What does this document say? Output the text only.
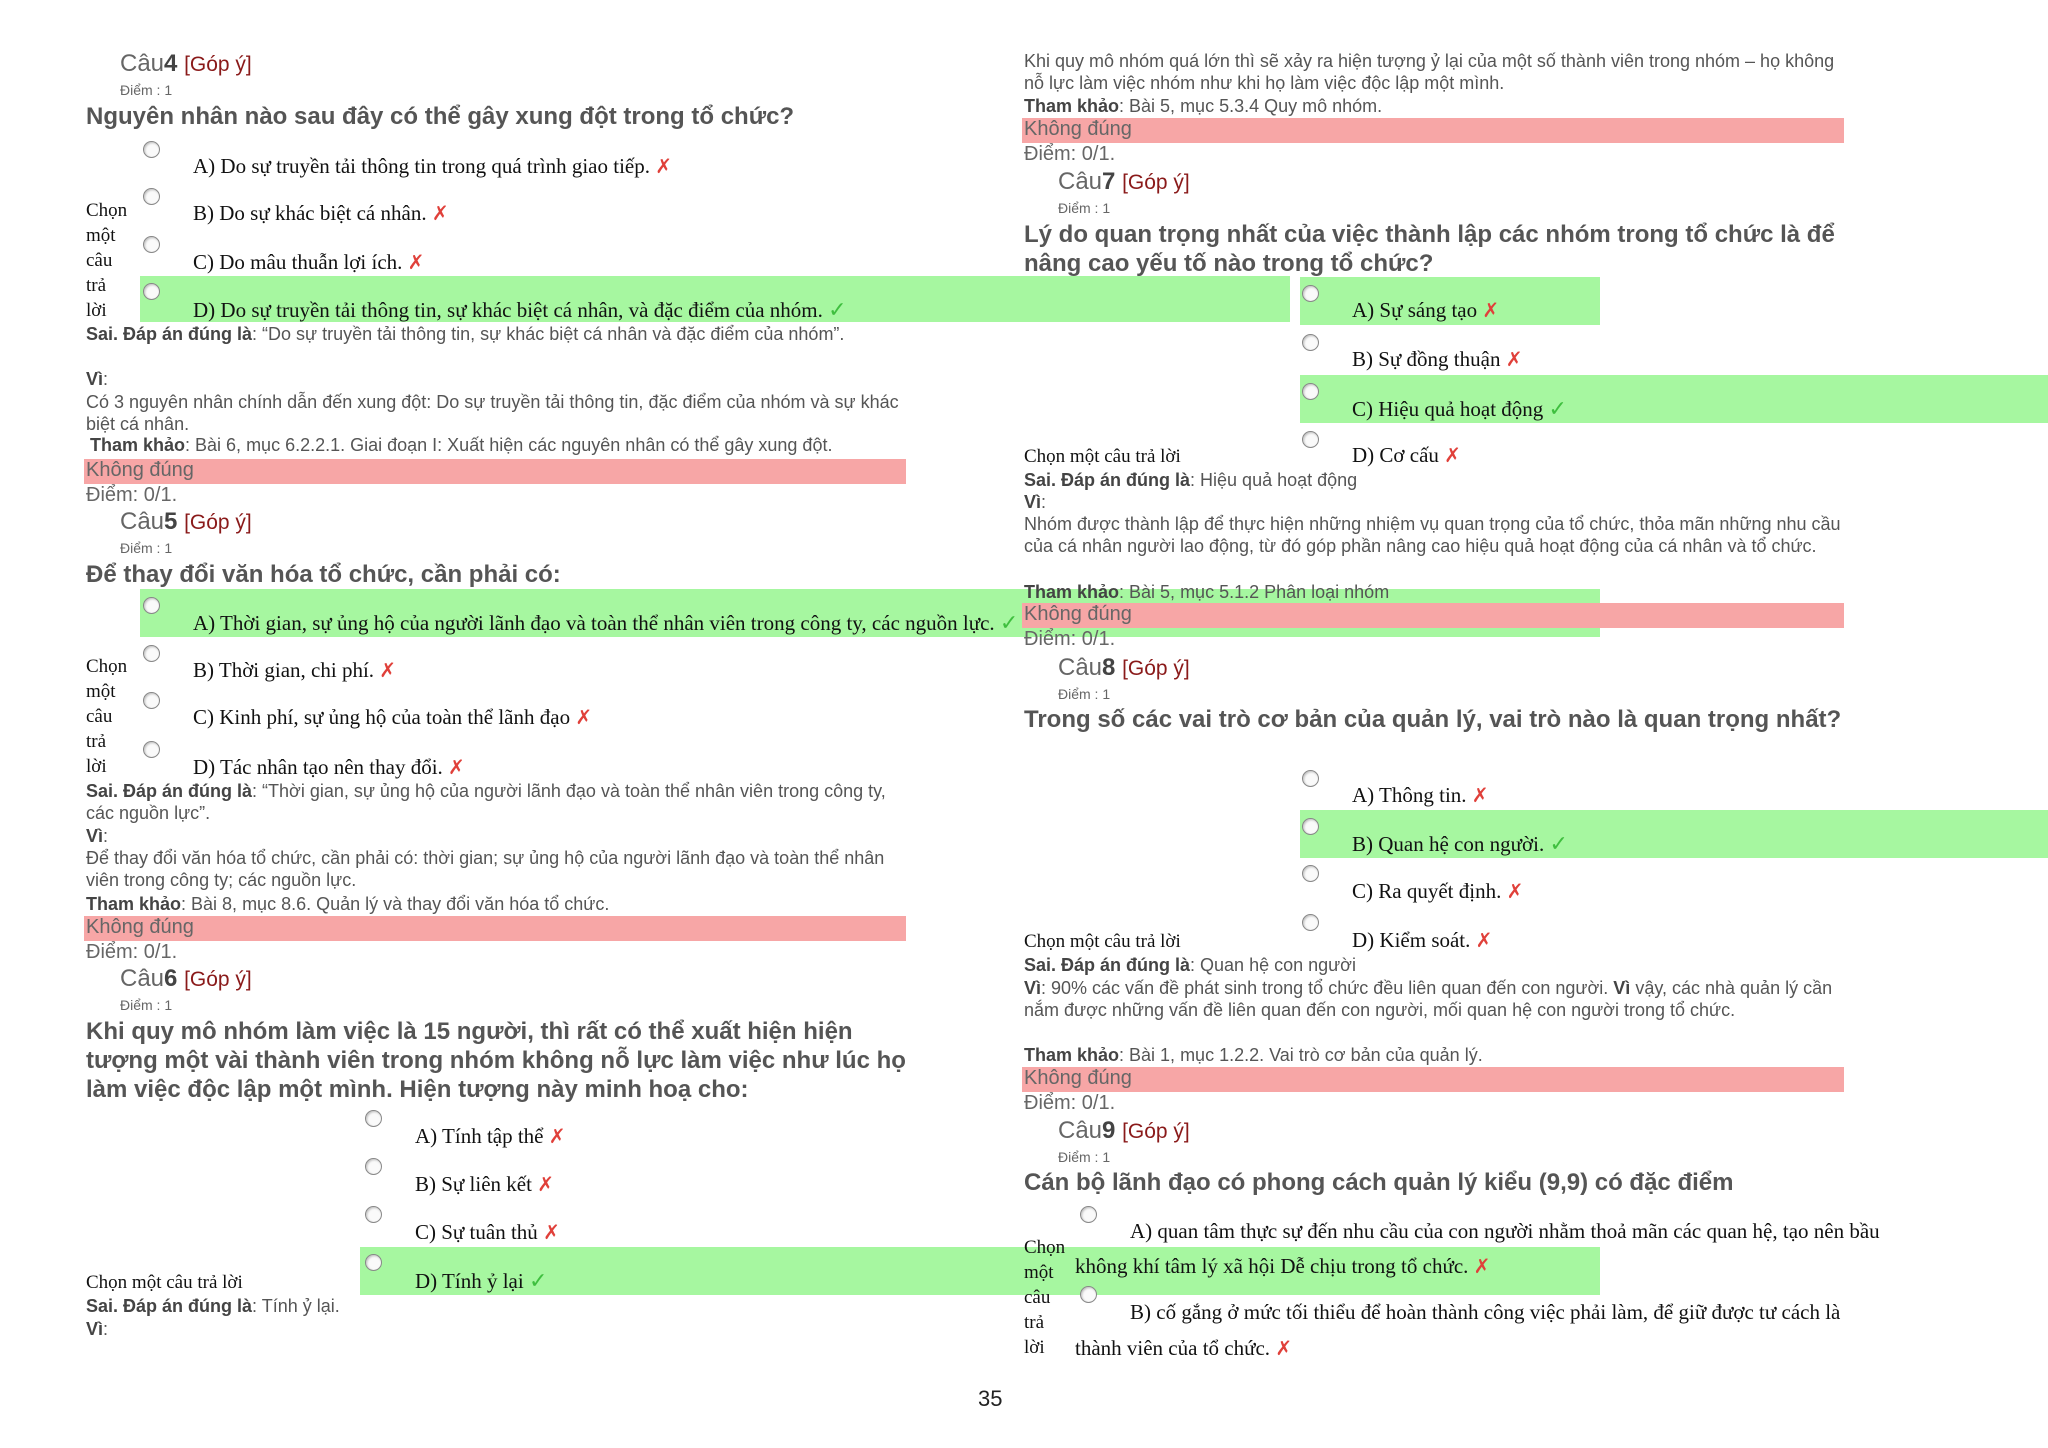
Câu4 [Góp ý]
Điểm : 1
Nguyên nhân nào sau đây có thể gây xung đột trong tổ chức?
A) Do sự truyền tải thông tin trong quá trình giao tiếp. ✗
B) Do sự khác biệt cá nhân. ✗
C) Do mâu thuẫn lợi ích. ✗
D) Do sự truyền tải thông tin, sự khác biệt cá nhân, và đặc điểm của nhóm. ✓
Chọn
một
câu
trả
lời
Sai. Đáp án đúng là: “Do sự truyền tải thông tin, sự khác biệt cá nhân và đặc điểm của nhóm”.
Vì:
Có 3 nguyên nhân chính dẫn đến xung đột: Do sự truyền tải thông tin, đặc điểm của nhóm và sự khác biệt cá nhân.
Tham khảo: Bài 6, mục 6.2.2.1. Giai đoạn I: Xuất hiện các nguyên nhân có thể gây xung đột.
Không đúng
Điểm: 0/1.
Câu5 [Góp ý]
Điểm : 1
Để thay đổi văn hóa tổ chức, cần phải có:
A) Thời gian, sự ủng hộ của người lãnh đạo và toàn thể nhân viên trong công ty, các nguồn lực. ✓
B) Thời gian, chi phí. ✗
C) Kinh phí, sự ủng hộ của toàn thể lãnh đạo ✗
D) Tác nhân tạo nên thay đổi. ✗
Chọn
một
câu
trả
lời
Sai. Đáp án đúng là: “Thời gian, sự ủng hộ của người lãnh đạo và toàn thể nhân viên trong công ty, các nguồn lực”.
Vì:
Để thay đổi văn hóa tổ chức, cần phải có: thời gian; sự ủng hộ của người lãnh đạo và toàn thể nhân viên trong công ty; các nguồn lực.
Tham khảo: Bài 8, mục 8.6. Quản lý và thay đổi văn hóa tổ chức.
Không đúng
Điểm: 0/1.
Câu6 [Góp ý]
Điểm : 1
Khi quy mô nhóm làm việc là 15 người, thì rất có thể xuất hiện hiện tượng một vài thành viên trong nhóm không nỗ lực làm việc như lúc họ làm việc độc lập một mình. Hiện tượng này minh hoạ cho:
A) Tính tập thể ✗
B) Sự liên kết ✗
C) Sự tuân thủ ✗
D) Tính ỷ lại ✓
Chọn một câu trả lời
Sai. Đáp án đúng là: Tính ỷ lại.
Vì:
Khi quy mô nhóm quá lớn thì sẽ xảy ra hiện tượng ỷ lại của một số thành viên trong nhóm – họ không nỗ lực làm việc nhóm như khi họ làm việc độc lập một mình.
Tham khảo: Bài 5, mục 5.3.4 Quy mô nhóm.
Không đúng
Điểm: 0/1.
Câu7 [Góp ý]
Điểm : 1
Lý do quan trọng nhất của việc thành lập các nhóm trong tổ chức là để nâng cao yếu tố nào trong tổ chức?
A) Sự sáng tạo ✗
B) Sự đồng thuận ✗
C) Hiệu quả hoạt động ✓
D) Cơ cấu ✗
Chọn một câu trả lời
Sai. Đáp án đúng là: Hiệu quả hoạt động
Vì:
Nhóm được thành lập để thực hiện những nhiệm vụ quan trọng của tổ chức, thỏa mãn những nhu cầu của cá nhân người lao động, từ đó góp phần nâng cao hiệu quả hoạt động của cá nhân và tổ chức.
Tham khảo: Bài 5, mục 5.1.2 Phân loại nhóm
Không đúng
Điểm: 0/1.
Câu8 [Góp ý]
Điểm : 1
Trong số các vai trò cơ bản của quản lý, vai trò nào là quan trọng nhất?
A) Thông tin. ✗
B) Quan hệ con người. ✓
C) Ra quyết định. ✗
D) Kiểm soát. ✗
Chọn một câu trả lời
Sai. Đáp án đúng là: Quan hệ con người
Vì: 90% các vấn đề phát sinh trong tổ chức đều liên quan đến con người. Vì vậy, các nhà quản lý cần nắm được những vấn đề liên quan đến con người, mối quan hệ con người trong tổ chức.
Tham khảo: Bài 1, mục 1.2.2. Vai trò cơ bản của quản lý.
Không đúng
Điểm: 0/1.
Câu9 [Góp ý]
Điểm : 1
Cán bộ lãnh đạo có phong cách quản lý kiểu (9,9) có đặc điểm
A) quan tâm thực sự đến nhu cầu của con người nhằm thoả mãn các quan hệ, tạo nên bầu
không khí tâm lý xã hội Dễ chịu trong tổ chức. ✗
B) cố gắng ở mức tối thiểu để hoàn thành công việc phải làm, để giữ được tư cách là
thành viên của tổ chức. ✗
Chọn
một
câu
trả
lời
35
